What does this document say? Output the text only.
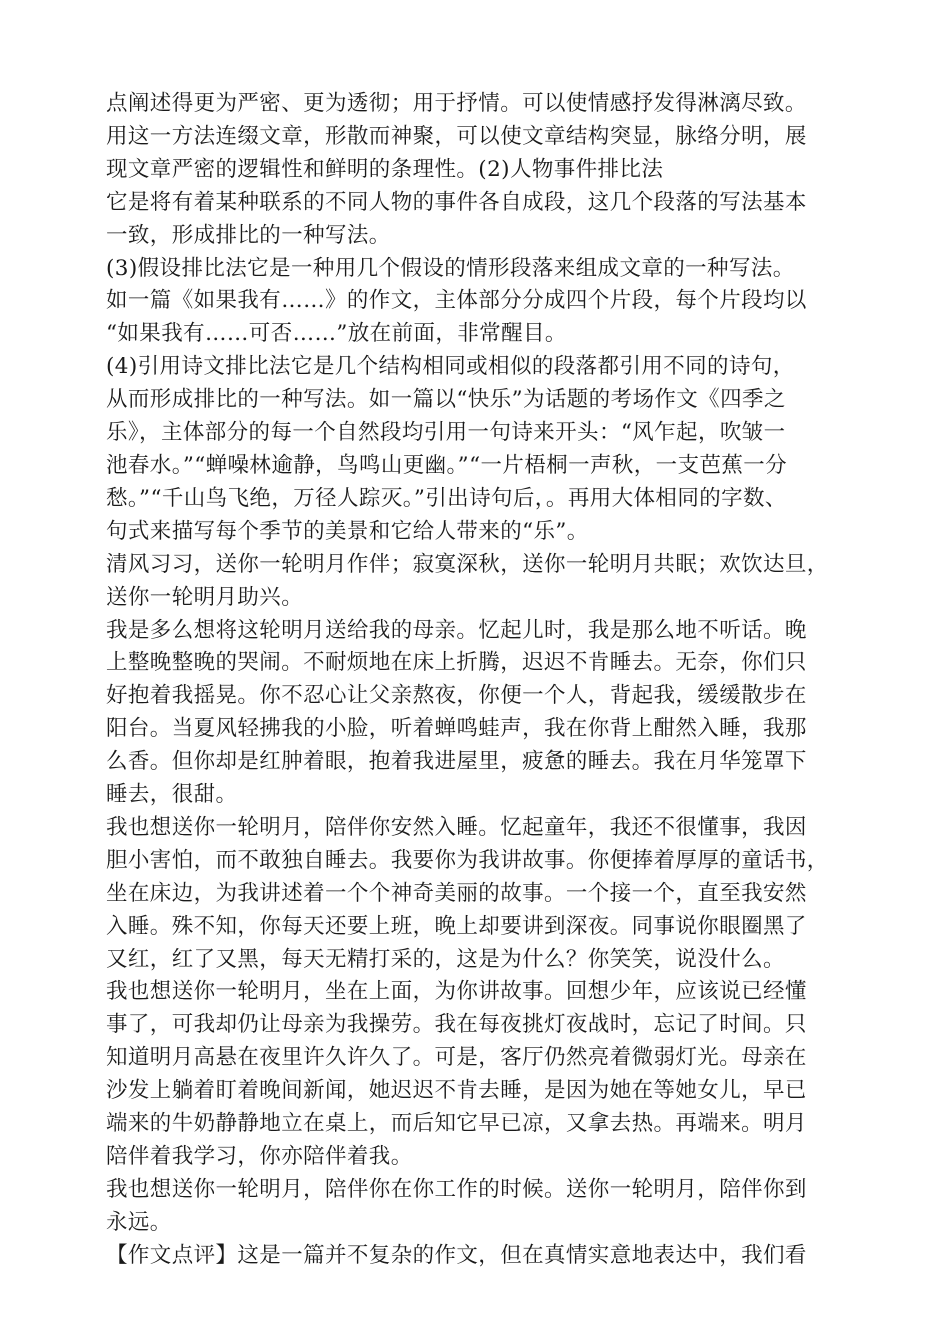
点阐述得更为严密、更为透彻；用于抒情。可以使情感抒发得淋漓尽致。
用这一方法连缀文章，形散而神聚，可以使文章结构突显，脉络分明，展
现文章严密的逻辑性和鲜明的条理性。(2)人物事件排比法
它是将有着某种联系的不同人物的事件各自成段，这几个段落的写法基本
一致，形成排比的一种写法。
(3)假设排比法它是一种用几个假设的情形段落来组成文章的一种写法。
如一篇《如果我有……》的作文，主体部分分成四个片段，每个片段均以
“如果我有……可否……”放在前面，非常醒目。
(4)引用诗文排比法它是几个结构相同或相似的段落都引用不同的诗句，
从而形成排比的一种写法。如一篇以“快乐”为话题的考场作文《四季之
乐》，主体部分的每一个自然段均引用一句诗来开头：“风乍起，吹皱一
池春水。”“蝉噪林逾静，鸟鸣山更幽。”“一片梧桐一声秋，一支芭蕉一分
愁。”“千山鸟飞绝，万径人踪灭。”引出诗句后，。再用大体相同的字数、
句式来描写每个季节的美景和它给人带来的“乐”。
清风习习，送你一轮明月作伴；寂寞深秋，送你一轮明月共眠；欢饮达旦，
送你一轮明月助兴。
我是多么想将这轮明月送给我的母亲。忆起儿时，我是那么地不听话。晚
上整晚整晚的哭闹。不耐烦地在床上折腾，迟迟不肯睡去。无奈，你们只
好抱着我摇晃。你不忍心让父亲熬夜，你便一个人，背起我，缓缓散步在
阳台。当夏风轻拂我的小脸，听着蝉鸣蛙声，我在你背上酣然入睡，我那
么香。但你却是红肿着眼，抱着我进屋里，疲惫的睡去。我在月华笼罩下
睡去，很甜。
我也想送你一轮明月，陪伴你安然入睡。忆起童年，我还不很懂事，我因
胆小害怕，而不敢独自睡去。我要你为我讲故事。你便捧着厚厚的童话书，
坐在床边，为我讲述着一个个神奇美丽的故事。一个接一个，直至我安然
入睡。殊不知，你每天还要上班，晚上却要讲到深夜。同事说你眼圈黑了
又红，红了又黑，每天无精打采的，这是为什么？你笑笑，说没什么。
我也想送你一轮明月，坐在上面，为你讲故事。回想少年，应该说已经懂
事了，可我却仍让母亲为我操劳。我在每夜挑灯夜战时，忘记了时间。只
知道明月高悬在夜里许久许久了。可是，客厅仍然亮着微弱灯光。母亲在
沙发上躺着盯着晚间新闻，她迟迟不肯去睡，是因为她在等她女儿，早已
端来的牛奶静静地立在桌上，而后知它早已凉，又拿去热。再端来。明月
陪伴着我学习，你亦陪伴着我。
我也想送你一轮明月，陪伴你在你工作的时候。送你一轮明月，陪伴你到
永远。
【作文点评】这是一篇并不复杂的作文，但在真情实意地表达中，我们看
